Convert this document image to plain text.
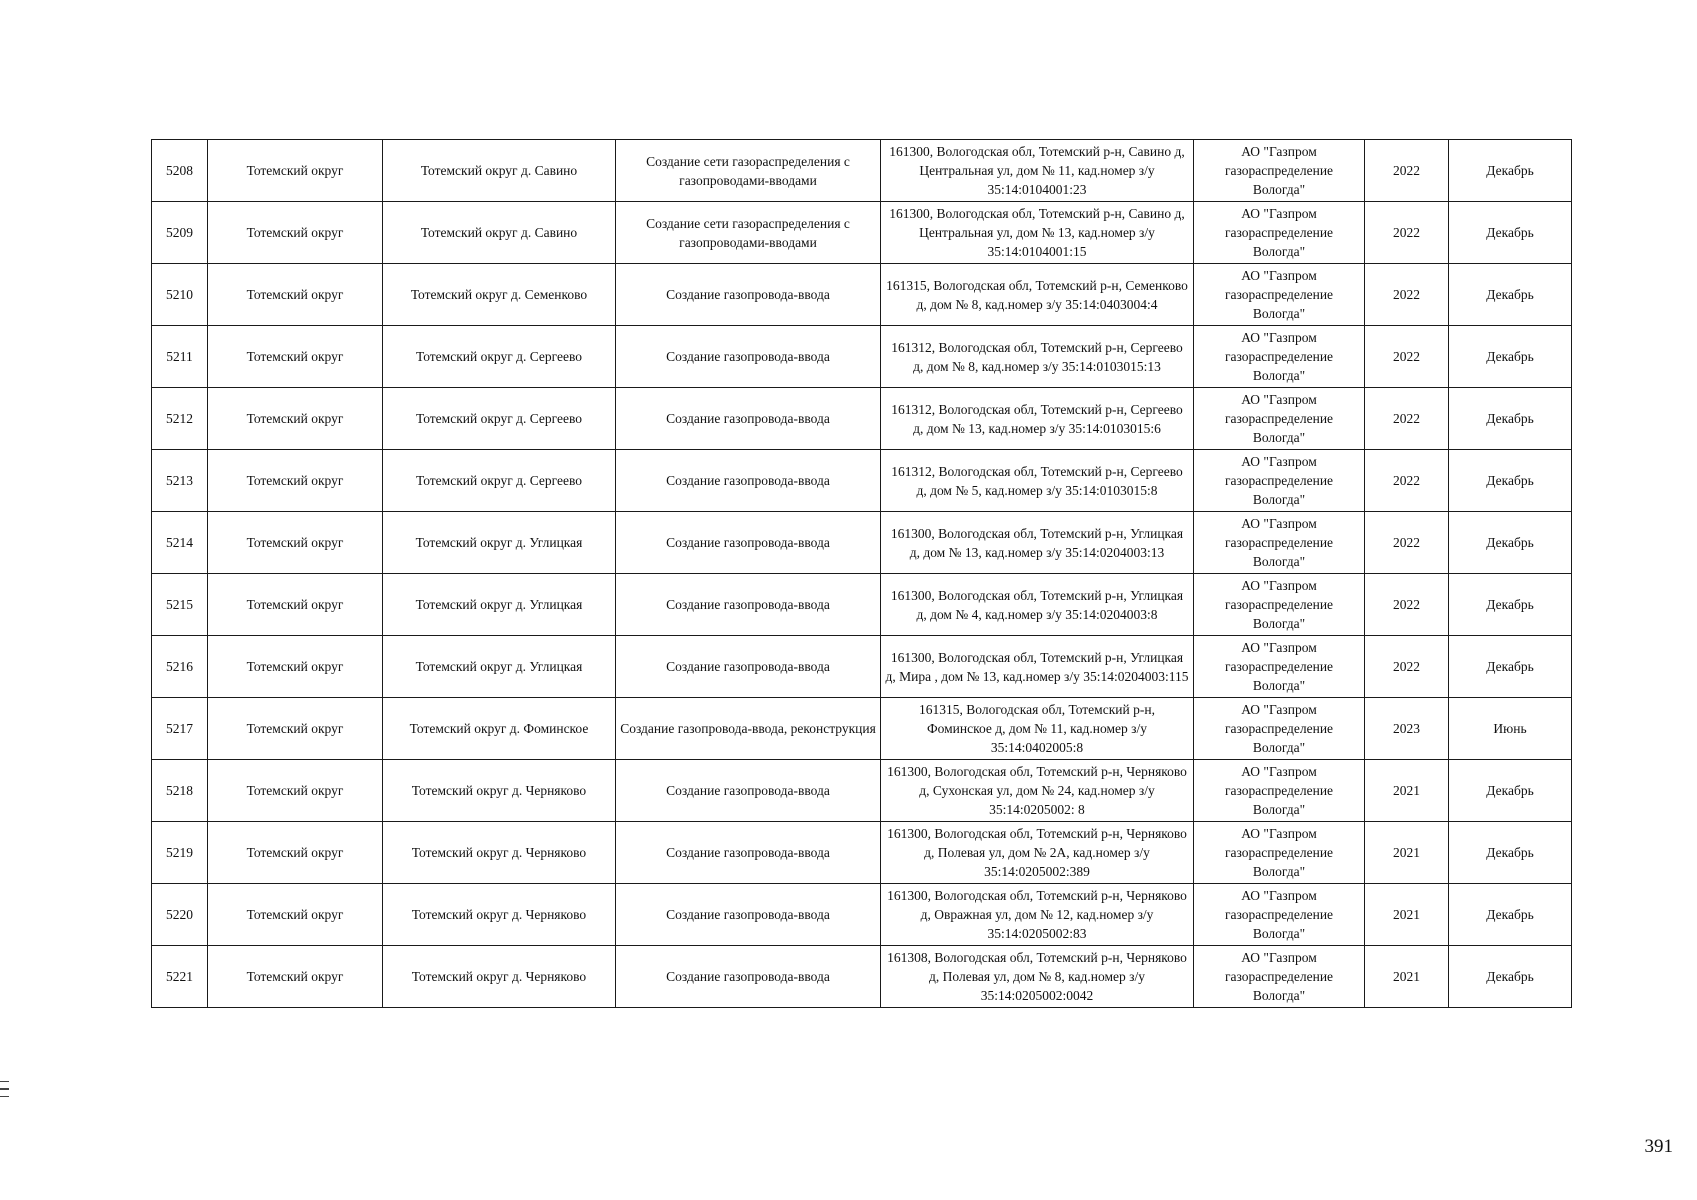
5208	Тотемский округ	Тотемский округ д. Савино	Создание сети газораспределения с газопроводами-вводами	161300, Вологодская обл, Тотемский р-н, Савино д, Центральная ул, дом № 11, кад.номер з/у 35:14:0104001:23	АО "Газпром газораспределение Вологда"	2022	Декабрь
5209	Тотемский округ	Тотемский округ д. Савино	Создание сети газораспределения с газопроводами-вводами	161300, Вологодская обл, Тотемский р-н, Савино д, Центральная ул, дом № 13, кад.номер з/у 35:14:0104001:15	АО "Газпром газораспределение Вологда"	2022	Декабрь
5210	Тотемский округ	Тотемский округ д. Семенково	Создание газопровода-ввода	161315, Вологодская обл, Тотемский р-н, Семенково д, дом № 8, кад.номер з/у 35:14:0403004:4	АО "Газпром газораспределение Вологда"	2022	Декабрь
5211	Тотемский округ	Тотемский округ д. Сергеево	Создание газопровода-ввода	161312, Вологодская обл, Тотемский р-н, Сергеево д, дом № 8, кад.номер з/у 35:14:0103015:13	АО "Газпром газораспределение Вологда"	2022	Декабрь
5212	Тотемский округ	Тотемский округ д. Сергеево	Создание газопровода-ввода	161312, Вологодская обл, Тотемский р-н, Сергеево д, дом № 13, кад.номер з/у 35:14:0103015:6	АО "Газпром газораспределение Вологда"	2022	Декабрь
5213	Тотемский округ	Тотемский округ д. Сергеево	Создание газопровода-ввода	161312, Вологодская обл, Тотемский р-н, Сергеево д, дом № 5, кад.номер з/у 35:14:0103015:8	АО "Газпром газораспределение Вологда"	2022	Декабрь
5214	Тотемский округ	Тотемский округ д. Углицкая	Создание газопровода-ввода	161300, Вологодская обл, Тотемский р-н, Углицкая д, дом № 13, кад.номер з/у 35:14:0204003:13	АО "Газпром газораспределение Вологда"	2022	Декабрь
5215	Тотемский округ	Тотемский округ д. Углицкая	Создание газопровода-ввода	161300, Вологодская обл, Тотемский р-н, Углицкая д, дом № 4, кад.номер з/у 35:14:0204003:8	АО "Газпром газораспределение Вологда"	2022	Декабрь
5216	Тотемский округ	Тотемский округ д. Углицкая	Создание газопровода-ввода	161300, Вологодская обл, Тотемский р-н, Углицкая д, Мира , дом № 13, кад.номер з/у 35:14:0204003:115	АО "Газпром газораспределение Вологда"	2022	Декабрь
5217	Тотемский округ	Тотемский округ д. Фоминское	Создание газопровода-ввода, реконструкция	161315, Вологодская обл, Тотемский р-н, Фоминское д, дом № 11, кад.номер з/у 35:14:0402005:8	АО "Газпром газораспределение Вологда"	2023	Июнь
5218	Тотемский округ	Тотемский округ д. Черняково	Создание газопровода-ввода	161300, Вологодская обл, Тотемский р-н, Черняково д, Сухонская ул, дом № 24, кад.номер з/у 35:14:0205002: 8	АО "Газпром газораспределение Вологда"	2021	Декабрь
5219	Тотемский округ	Тотемский округ д. Черняково	Создание газопровода-ввода	161300, Вологодская обл, Тотемский р-н, Черняково д, Полевая ул, дом № 2А, кад.номер з/у 35:14:0205002:389	АО "Газпром газораспределение Вологда"	2021	Декабрь
5220	Тотемский округ	Тотемский округ д. Черняково	Создание газопровода-ввода	161300, Вологодская обл, Тотемский р-н, Черняково д, Овражная ул, дом № 12, кад.номер з/у 35:14:0205002:83	АО "Газпром газораспределение Вологда"	2021	Декабрь
5221	Тотемский округ	Тотемский округ д. Черняково	Создание газопровода-ввода	161308, Вологодская обл, Тотемский р-н, Черняково д, Полевая ул, дом № 8, кад.номер з/у 35:14:0205002:0042	АО "Газпром газораспределение Вологда"	2021	Декабрь
391
